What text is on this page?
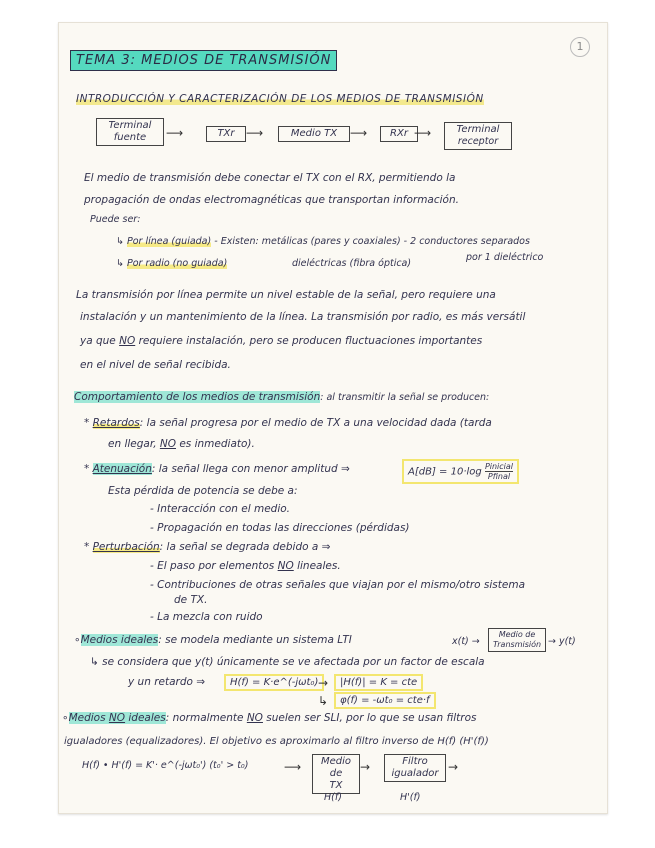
1
TEMA 3: MEDIOS DE TRANSMISIÓN
INTRODUCCIÓN Y CARACTERIZACIÓN DE LOS MEDIOS DE TRANSMISIÓN
Terminal
fuente	⟶	TXr ⟶	Medio TX	⟶	RXr ⟶	Terminal
receptor
El medio de transmisión debe conectar el TX con el RX, permitiendo la
propagación de ondas electromagnéticas que transportan información.
Puede ser:
↳ Por línea (guiada) - Existen: metálicas (pares y coaxiales) - 2 conductores separados
por 1 dieléctrico
↳ Por radio (no guiada)	dieléctricas (fibra óptica)
La transmisión por línea permite un nivel estable de la señal, pero requiere una
instalación y un mantenimiento de la línea. La transmisión por radio, es más versátil
ya que NO requiere instalación, pero se producen fluctuaciones importantes
en el nivel de señal recibida.
Comportamiento de los medios de transmisión: al transmitir la señal se producen:
* Retardos: la señal progresa por el medio de TX a una velocidad dada (tarda
en llegar, NO es inmediato).
* Atenuación: la señal llega con menor amplitud ⇒	A[dB] = 10·log Pinicial
Pfinal
Esta pérdida de potencia se debe a:
- Interacción con el medio.
- Propagación en todas las direcciones (pérdidas)
* Perturbación: la señal se degrada debido a ⇒
- El paso por elementos NO lineales.
- Contribuciones de otras señales que viajan por el mismo/otro sistema
de TX.
- La mezcla con ruido
∘Medios ideales: se modela mediante un sistema LTI	x(t) →
Medio de
Transmisión → y(t)
↳ se considera que y(t) únicamente se ve afectada por un factor de escala
y un retardo ⇒	H(f) = K·e^(-jωt₀) →	|H(f)| = K = cte
↳	φ(f) = -ωt₀ = cte·f
∘Medios NO ideales: normalmente NO suelen ser SLI, por lo que se usan filtros
igualadores (equalizadores). El objetivo es aproximarlo al filtro inverso de H(f) (H'(f))
H(f) • H'(f) = K'· e^(-jωt₀') (t₀' > t₀)	⟶	Medio de
TX
H(f)
→	Filtro
igualador
H'(f)
→
